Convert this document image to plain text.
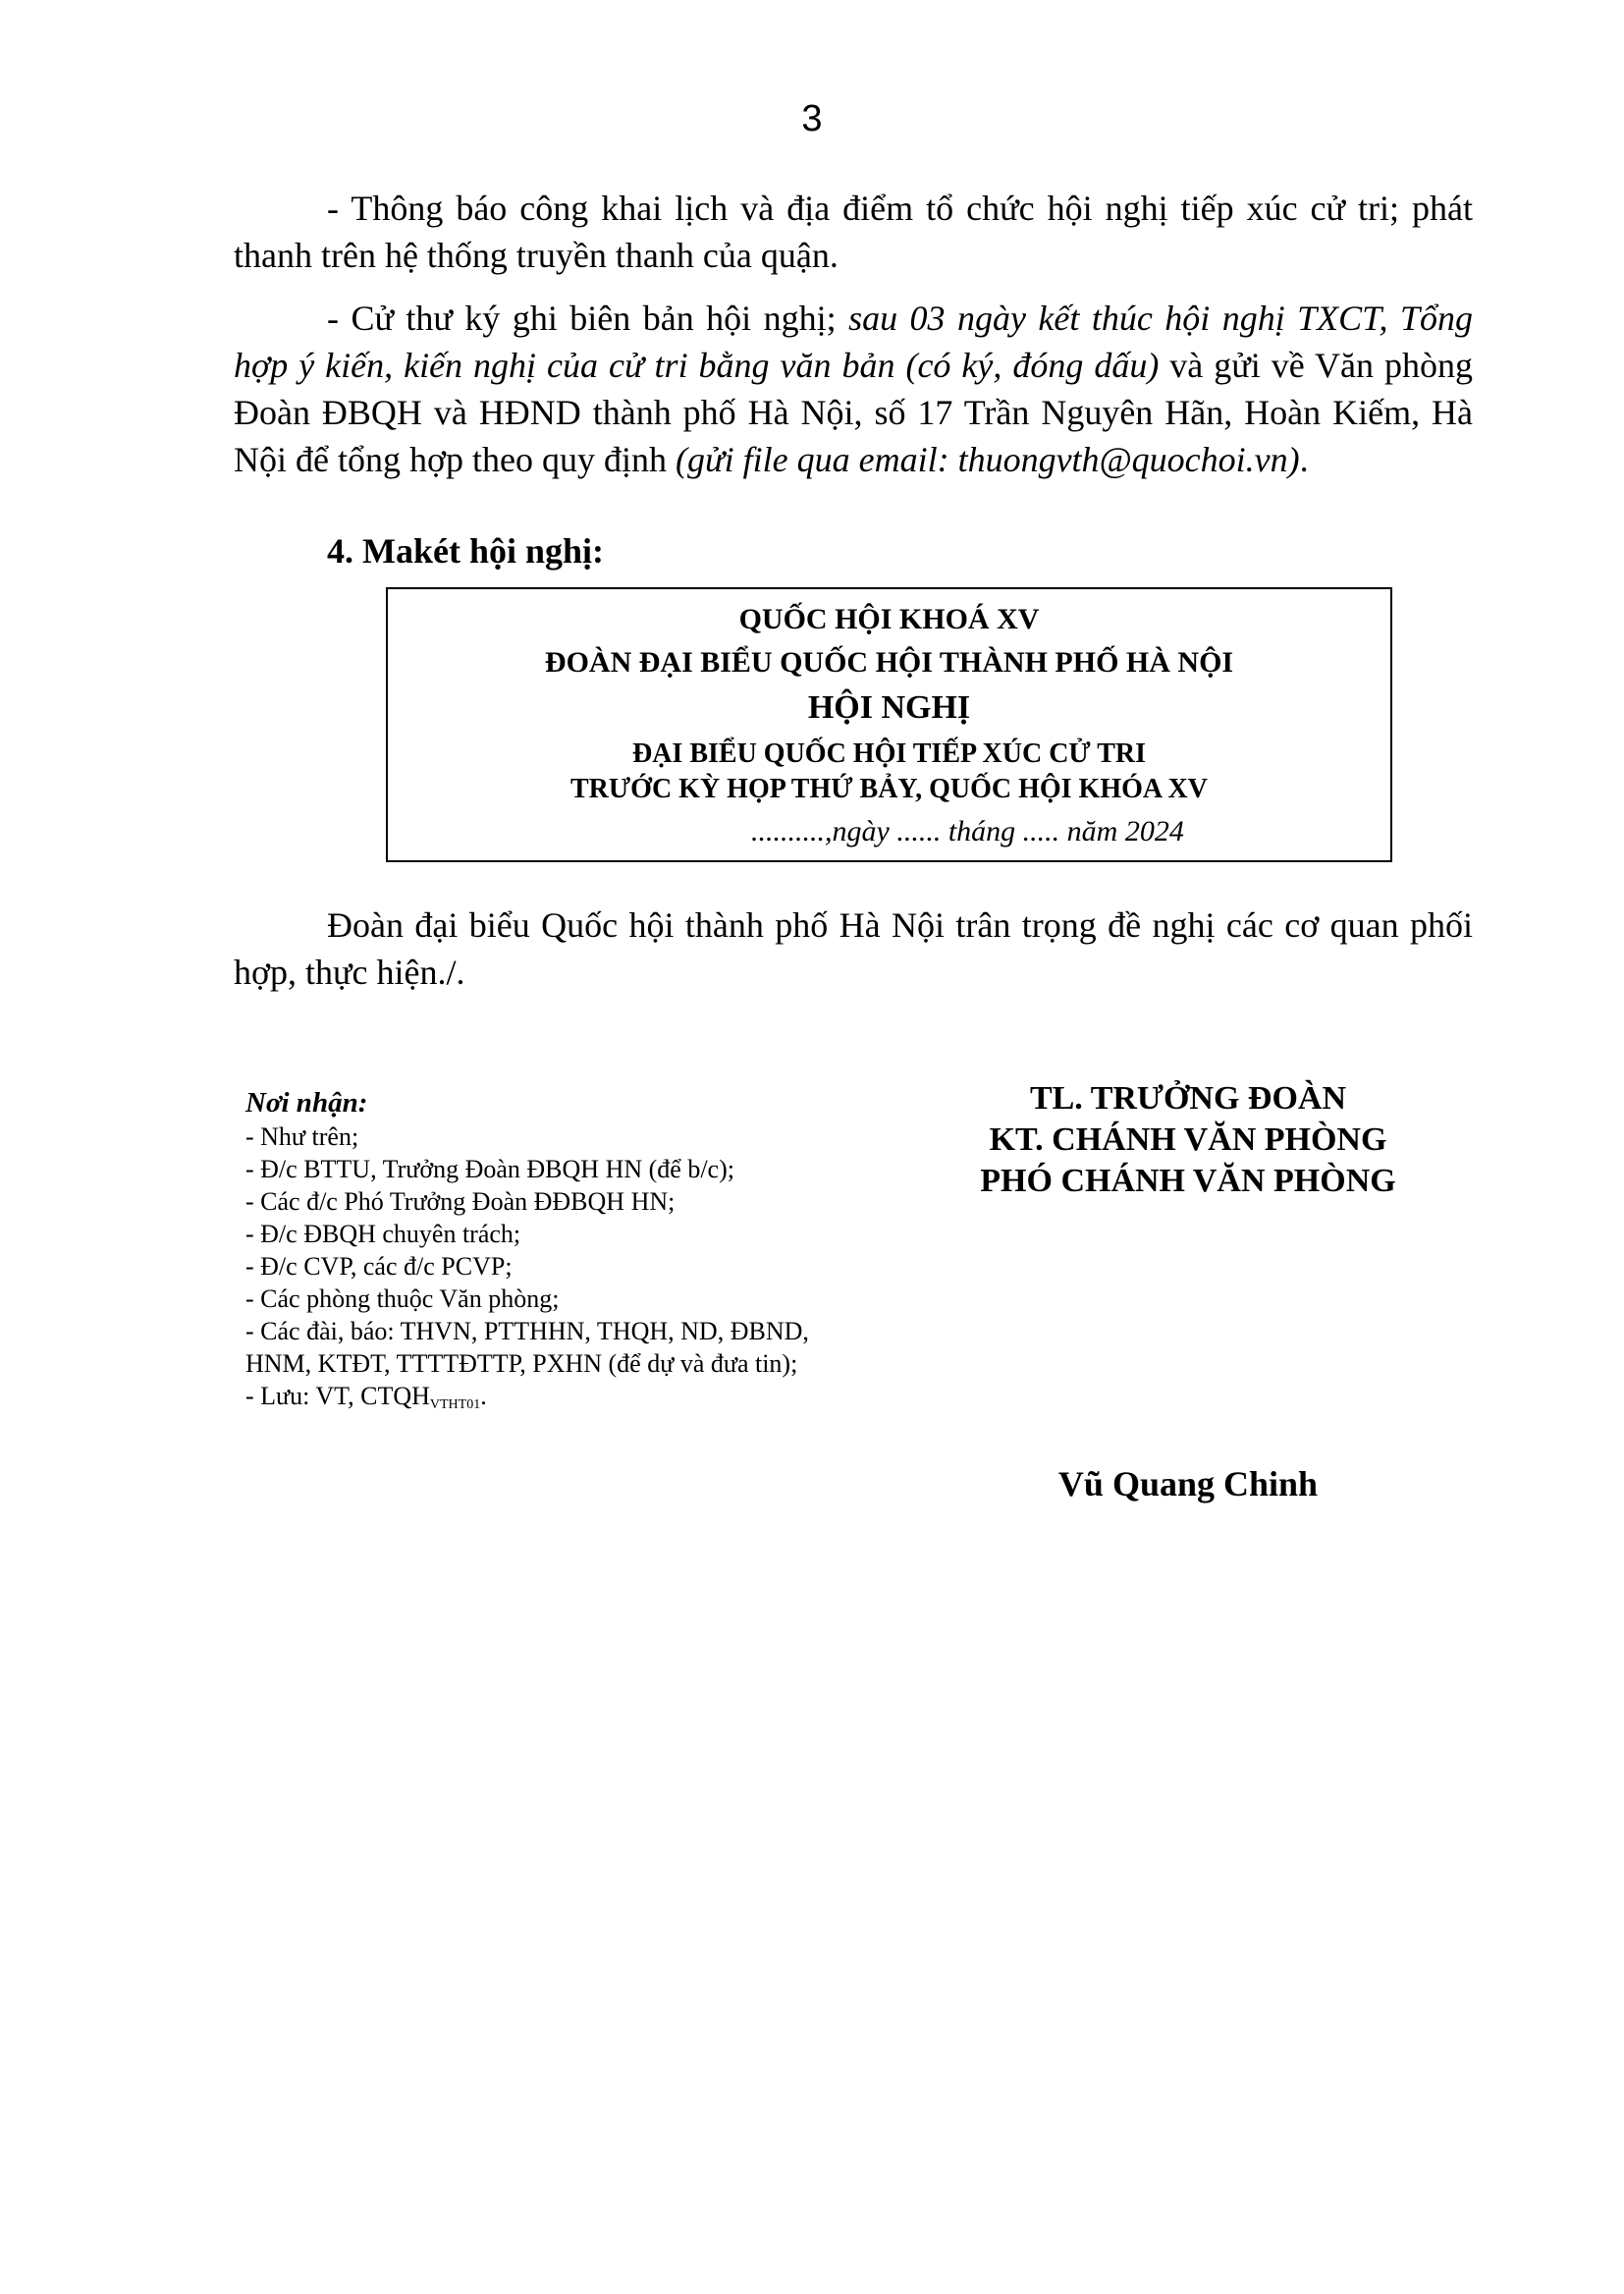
3

- Thông báo công khai lịch và địa điểm tổ chức hội nghị tiếp xúc cử tri; phát thanh trên hệ thống truyền thanh của quận.

- Cử thư ký ghi biên bản hội nghị; sau 03 ngày kết thúc hội nghị TXCT, Tổng hợp ý kiến, kiến nghị của cử tri bằng văn bản (có ký, đóng dấu) và gửi về Văn phòng Đoàn ĐBQH và HĐND thành phố Hà Nội, số 17 Trần Nguyên Hãn, Hoàn Kiếm, Hà Nội để tổng hợp theo quy định (gửi file qua email: thuongvth@quochoi.vn).

4. Makét hội nghị:
QUỐC HỘI KHOÁ XV
ĐOÀN ĐẠI BIỂU QUỐC HỘI THÀNH PHỐ HÀ NỘI
HỘI NGHỊ
ĐẠI BIỂU QUỐC HỘI TIẾP XÚC CỬ TRI
TRƯỚC KỲ HỌP THỨ BẢY, QUỐC HỘI KHÓA XV
..........,ngày ...... tháng ..... năm 2024

Đoàn đại biểu Quốc hội thành phố Hà Nội trân trọng đề nghị các cơ quan phối hợp, thực hiện./.

Nơi nhận:
- Như trên;
- Đ/c BTTU, Trưởng Đoàn ĐBQH HN (để b/c);
- Các đ/c Phó Trưởng Đoàn ĐĐBQH HN;
- Đ/c ĐBQH chuyên trách;
- Đ/c CVP, các đ/c PCVP;
- Các phòng thuộc Văn phòng;
- Các đài, báo: THVN, PTTHHN, THQH, ND, ĐBND,
HNM, KTĐT, TTTTĐTTP, PXHN (để dự và đưa tin);
- Lưu: VT, $CTQH_{VTHT01}$.
TL. TRƯỞNG ĐOÀN
KT. CHÁNH VĂN PHÒNG
PHÓ CHÁNH VĂN PHÒNG
Vũ Quang Chinh
